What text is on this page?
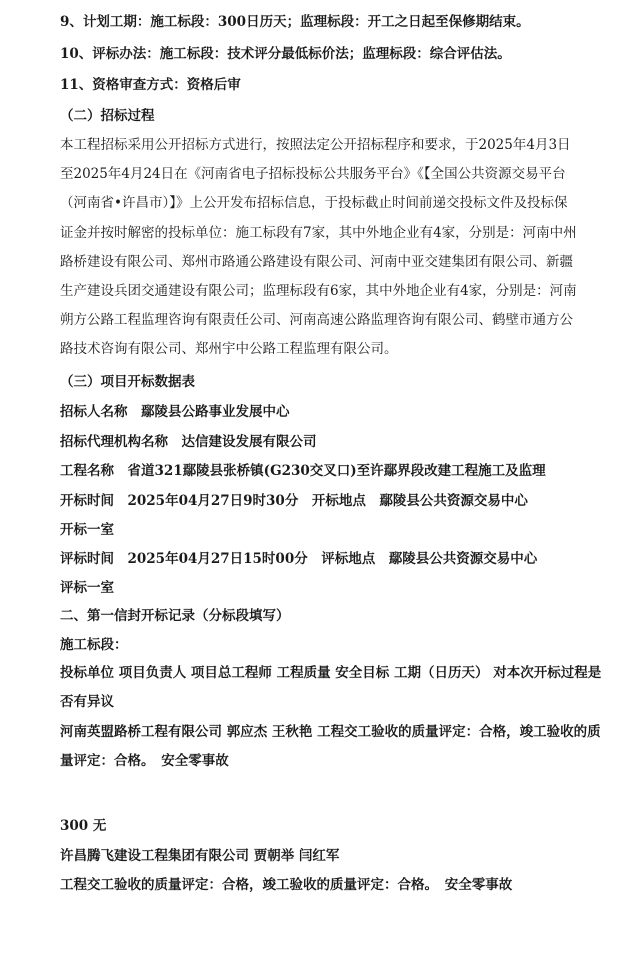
9、计划工期：施工标段：300日历天；监理标段：开工之日起至保修期结束。
10、评标办法：施工标段：技术评分最低标价法；监理标段：综合评估法。
11、资格审查方式：资格后审
（二）招标过程
本工程招标采用公开招标方式进行，按照法定公开招标程序和要求，于2025年4月3日至2025年4月24日在《河南省电子招标投标公共服务平台》《【全国公共资源交易平台（河南省•许昌市）】》上公开发布招标信息，于投标截止时间前递交投标文件及投标保证金并按时解密的投标单位：施工标段有7家，其中外地企业有4家，分别是：河南中州路桥建设有限公司、郑州市路通公路建设有限公司、河南中亚交建集团有限公司、新疆生产建设兵团交通建设有限公司；监理标段有6家，其中外地企业有4家，分别是：河南朔方公路工程监理咨询有限责任公司、河南高速公路监理咨询有限公司、鹤壁市通方公路技术咨询有限公司、郑州宇中公路工程监理有限公司。
（三）项目开标数据表
招标人名称　鄢陵县公路事业发展中心
招标代理机构名称　达信建设发展有限公司
工程名称　省道321鄢陵县张桥镇(G230交叉口)至许鄢界段改建工程施工及监理
开标时间　2025年04月27日9时30分　开标地点　鄢陵县公共资源交易中心
开标一室
评标时间　2025年04月27日15时00分　评标地点　鄢陵县公共资源交易中心
评标一室
二、第一信封开标记录（分标段填写）
施工标段：
投标单位 项目负责人 项目总工程师 工程质量 安全目标 工期（日历天） 对本次开标过程是
否有异议
河南英盟路桥工程有限公司 郭应杰 王秋艳 工程交工验收的质量评定：合格，竣工验收的质
量评定：合格。　安全零事故
300 无
许昌腾飞建设工程集团有限公司 贾朝举 闫红军
工程交工验收的质量评定：合格，竣工验收的质量评定：合格。　安全零事故
